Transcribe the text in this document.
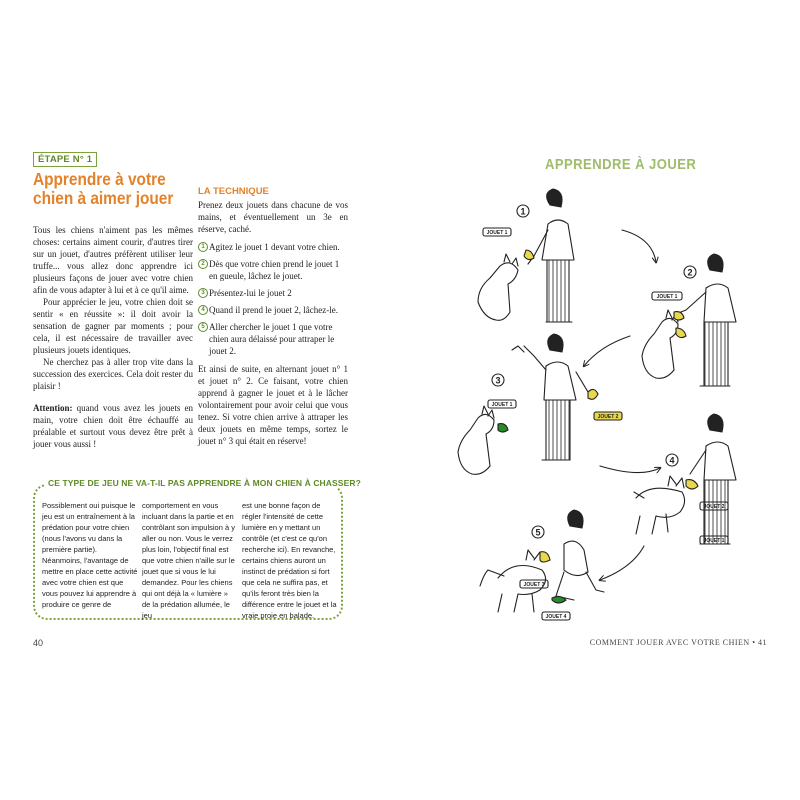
ÉTAPE N° 1
Apprendre à votre chien à aimer jouer

Tous les chiens n'aiment pas les mêmes choses: certains aiment courir, d'autres tirer sur un jouet, d'autres préfèrent utiliser leur truffe... vous allez donc apprendre ici plusieurs façons de jouer avec votre chien afin de vous adapter à lui et à ce qu'il aime.

Pour apprécier le jeu, votre chien doit se sentir « en réussite »: il doit avoir la sensation de gagner par moments ; pour cela, il est nécessaire de travailler avec plusieurs jouets identiques.

Ne cherchez pas à aller trop vite dans la succession des exercices. Cela doit rester du plaisir !

Attention: quand vous avez les jouets en main, votre chien doit être échauffé au préalable et surtout vous devez être prêt à jouer vous aussi !

LA TECHNIQUE

Prenez deux jouets dans chacune de vos mains, et éventuellement un 3e en réserve, caché.

1 Agitez le jouet 1 devant votre chien.
2 Dès que votre chien prend le jouet 1 en gueule, lâchez le jouet.
3 Présentez-lui le jouet 2
4 Quand il prend le jouet 2, lâchez-le.
5 Aller chercher le jouet 1 que votre chien aura délaissé pour attraper le jouet 2.

Et ainsi de suite, en alternant jouet n° 1 et jouet n° 2. Ce faisant, votre chien apprend à gagner le jouet et à le lâcher volontairement pour avoir celui que vous tenez. Si votre chien arrive à attraper les deux jouets en même temps, sortez le jouet n° 3 qui était en réserve!

CE TYPE DE JEU NE VA-T-IL PAS APPRENDRE À MON CHIEN À CHASSER?
Possiblement oui puisque le jeu est un entraînement à la prédation pour votre chien (nous l'avons vu dans la première partie). Néanmoins, l'avantage de mettre en place cette activité avec votre chien est que vous pouvez lui apprendre à produire ce genre de
comportement en vous incluant dans la partie et en contrôlant son impulsion à y aller ou non. Vous le verrez plus loin, l'objectif final est que votre chien n'aille sur le jouet que si vous le lui demandez. Pour les chiens qui ont déjà la « lumière » de la prédation allumée, le jeu
est une bonne façon de régler l'intensité de cette lumière en y mettant un contrôle (et c'est ce qu'on recherche ici). En revanche, certains chiens auront un instinct de prédation si fort que cela ne suffira pas, et qu'ils feront très bien la différence entre le jouet et la vraie proie en balade.
40
APPRENDRE À JOUER
1
2
3
4
5
JOUET 1
JOUET 1
JOUET 1
JOUET 2
JOUET 2
JOUET 1
JOUET 3
JOUET 4
COMMENT JOUER AVEC VOTRE CHIEN • 41
